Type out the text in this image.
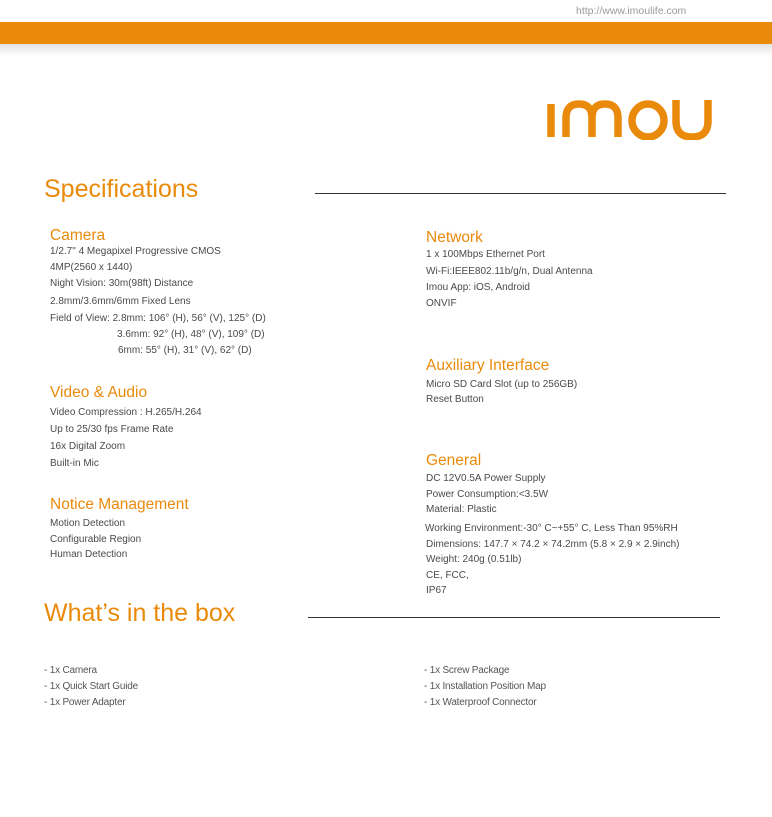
http://www.imoulife.com
Specifications
Camera
1/2.7" 4 Megapixel Progressive CMOS
4MP(2560 x 1440)
Night Vision: 30m(98ft) Distance
2.8mm/3.6mm/6mm Fixed Lens
Field of View: 2.8mm: 106° (H), 56° (V), 125° (D)
3.6mm: 92° (H), 48° (V), 109° (D)
6mm: 55° (H), 31° (V), 62° (D)
Video & Audio
Video Compression : H.265/H.264
Up to 25/30 fps Frame Rate
16x Digital Zoom
Built-in Mic
Notice Management
Motion Detection
Configurable Region
Human Detection
Network
1 x 100Mbps Ethernet Port
Wi-Fi:IEEE802.11b/g/n, Dual Antenna
Imou App: iOS, Android
ONVIF
Auxiliary Interface
Micro SD Card Slot (up to 256GB)
Reset Button
General
DC 12V0.5A Power Supply
Power Consumption:<3.5W
Material: Plastic
Working Environment:-30° C~+55° C, Less Than 95%RH
Dimensions: 147.7 × 74.2 × 74.2mm (5.8 × 2.9 × 2.9inch)
Weight: 240g (0.51lb)
CE, FCC,
IP67
What’s in the box
- 1x Camera
- 1x Quick Start Guide
- 1x Power Adapter
- 1x Screw Package
- 1x Installation Position Map
- 1x Waterproof Connector
